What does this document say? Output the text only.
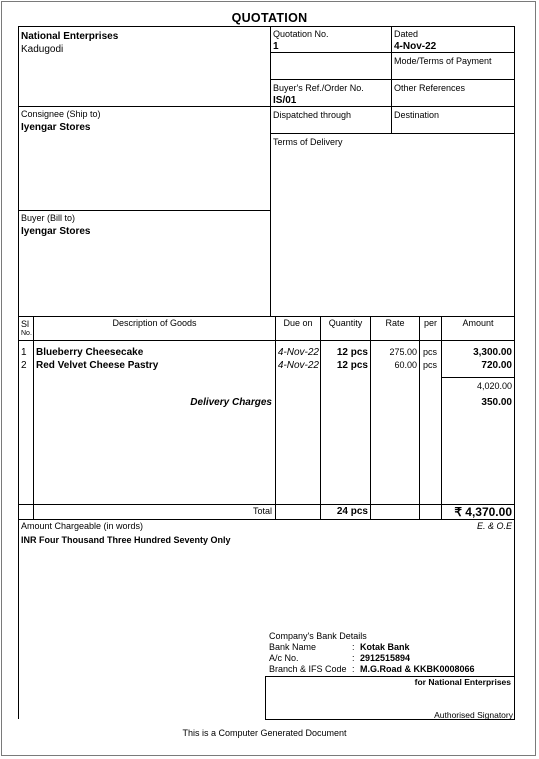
QUOTATION
National Enterprises
Kadugodi
Quotation No.
1
Dated
4-Nov-22
Mode/Terms of Payment
Buyer's Ref./Order No.
IS/01
Other References
Dispatched through	Destination
Terms of Delivery
Consignee (Ship to)
Iyengar Stores
Buyer (Bill to)
Iyengar Stores
Sl
No.
Description of Goods	Due on	Quantity	Rate	per	Amount
1 Blueberry Cheesecake	4-Nov-22	12 pcs	275.00 pcs	3,300.00
2 Red Velvet Cheese Pastry	4-Nov-22	12 pcs	60.00 pcs	720.00
4,020.00
Delivery Charges	350.00
Total	24 pcs	₹ 4,370.00
Amount Chargeable (in words)	E. & O.E
INR Four Thousand Three Hundred Seventy Only
Company's Bank Details
Bank Name	: Kotak Bank
A/c No.	: 2912515894
Branch & IFS Code : M.G.Road & KKBK0008066
for National Enterprises
Authorised Signatory
This is a Computer Generated Document
